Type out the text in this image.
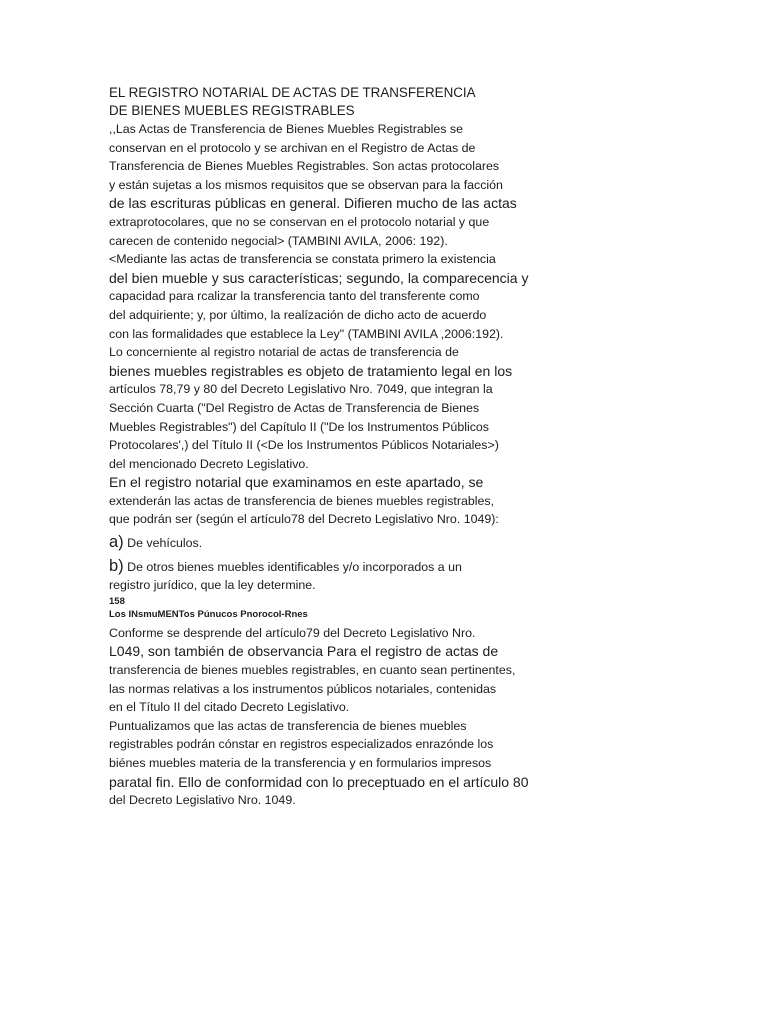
EL REGISTRO NOTARIAL DE ACTAS DE TRANSFERENCIA
DE BIENES MUEBLES REGISTRABLES
,,Las Actas de Transferencia de Bienes Muebles Registrables se
conservan en el protocolo y se archivan en el Registro de Actas de
Transferencia de Bienes Muebles Registrables. Son actas protocolares
y están sujetas a los mismos requisitos que se observan para la facción
de las escrituras públicas en general. Difieren mucho de las actas
extraprotocolares, que no se conservan en el protocolo notarial y que
carecen de contenido negocial> (TAMBINI AVILA, 2006: 192).
<Mediante las actas de transferencia se constata primero la existencia
del bien mueble y sus características; segundo, la comparecencia y
capacidad para rcalizar la transferencia tanto del transferente como
del adquiriente; y, por último, la realízación de dicho acto de acuerdo
con las formalidades que establece la Ley" (TAMBINI AVILA ,2006:192).
Lo concerniente al registro notarial de actas de transferencia de
bienes muebles registrables es objeto de tratamiento legal en los
artículos 78,79 y 80 del Decreto Legislativo Nro. 7049, que integran la
Sección Cuarta ("Del Registro de Actas de Transferencia de Bienes
Muebles Registrables") del Capítulo II ("De los Instrumentos Públicos
Protocolares',) del Título II (<De los Instrumentos Públicos Notariales>)
del mencionado Decreto Legislativo.
En el registro notarial que examinamos en este apartado, se
extenderán las actas de transferencia de bienes muebles registrables,
que podrán ser (según el artículo78 del Decreto Legislativo Nro. 1049):
a) De vehículos.
b) De otros bienes muebles identificables y/o incorporados a un
registro jurídico, que la ley determine.
158
Los INsmuMENTos Púnucos Pnorocol-Rnes
Conforme se desprende del artículo79 del Decreto Legislativo Nro.
L049, son también de observancia Para el registro de actas de
transferencia de bienes muebles registrables, en cuanto sean pertinentes,
las normas relativas a los instrumentos públicos notariales, contenidas
en el Título II del citado Decreto Legislativo.
Puntualizamos que las actas de transferencia de bienes muebles
registrables podrán cónstar en registros especializados enrazónde los
biénes muebles materia de la transferencia y en formularios impresos
paratal fin. Ello de conformidad con lo preceptuado en el artículo 80
del Decreto Legislativo Nro. 1049.
